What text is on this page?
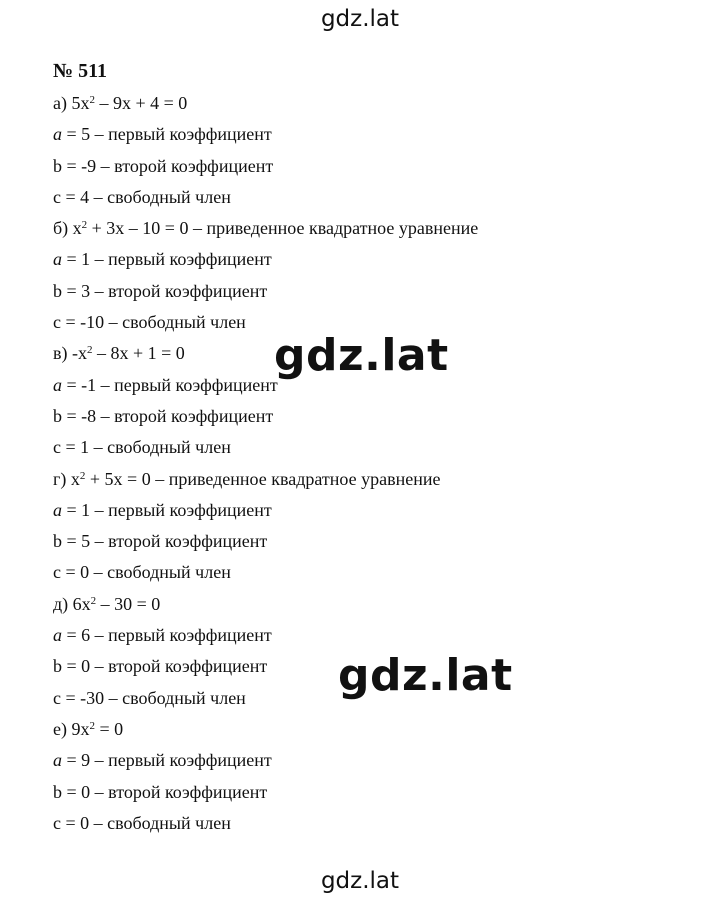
gdz.lat
№ 511
а) $5x^2 - 9x + 4 = 0$
a = 5 – первый коэффициент
b = -9 – второй коэффициент
c = 4 – свободный член
б) $x^2 + 3x - 10 = 0$ – приведенное квадратное уравнение
a = 1 – первый коэффициент
b = 3 – второй коэффициент
c = -10 – свободный член
в) $-x^2 - 8x + 1 = 0$
a = -1 – первый коэффициент
b = -8 – второй коэффициент
c = 1 – свободный член
г) $x^2 + 5x = 0$ – приведенное квадратное уравнение
a = 1 – первый коэффициент
b = 5 – второй коэффициент
c = 0 – свободный член
д) $6x^2 - 30 = 0$
a = 6 – первый коэффициент
b = 0 – второй коэффициент
c = -30 – свободный член
е) $9x^2 = 0$
a = 9 – первый коэффициент
b = 0 – второй коэффициент
c = 0 – свободный член
gdz.lat
gdz.lat
gdz.lat
